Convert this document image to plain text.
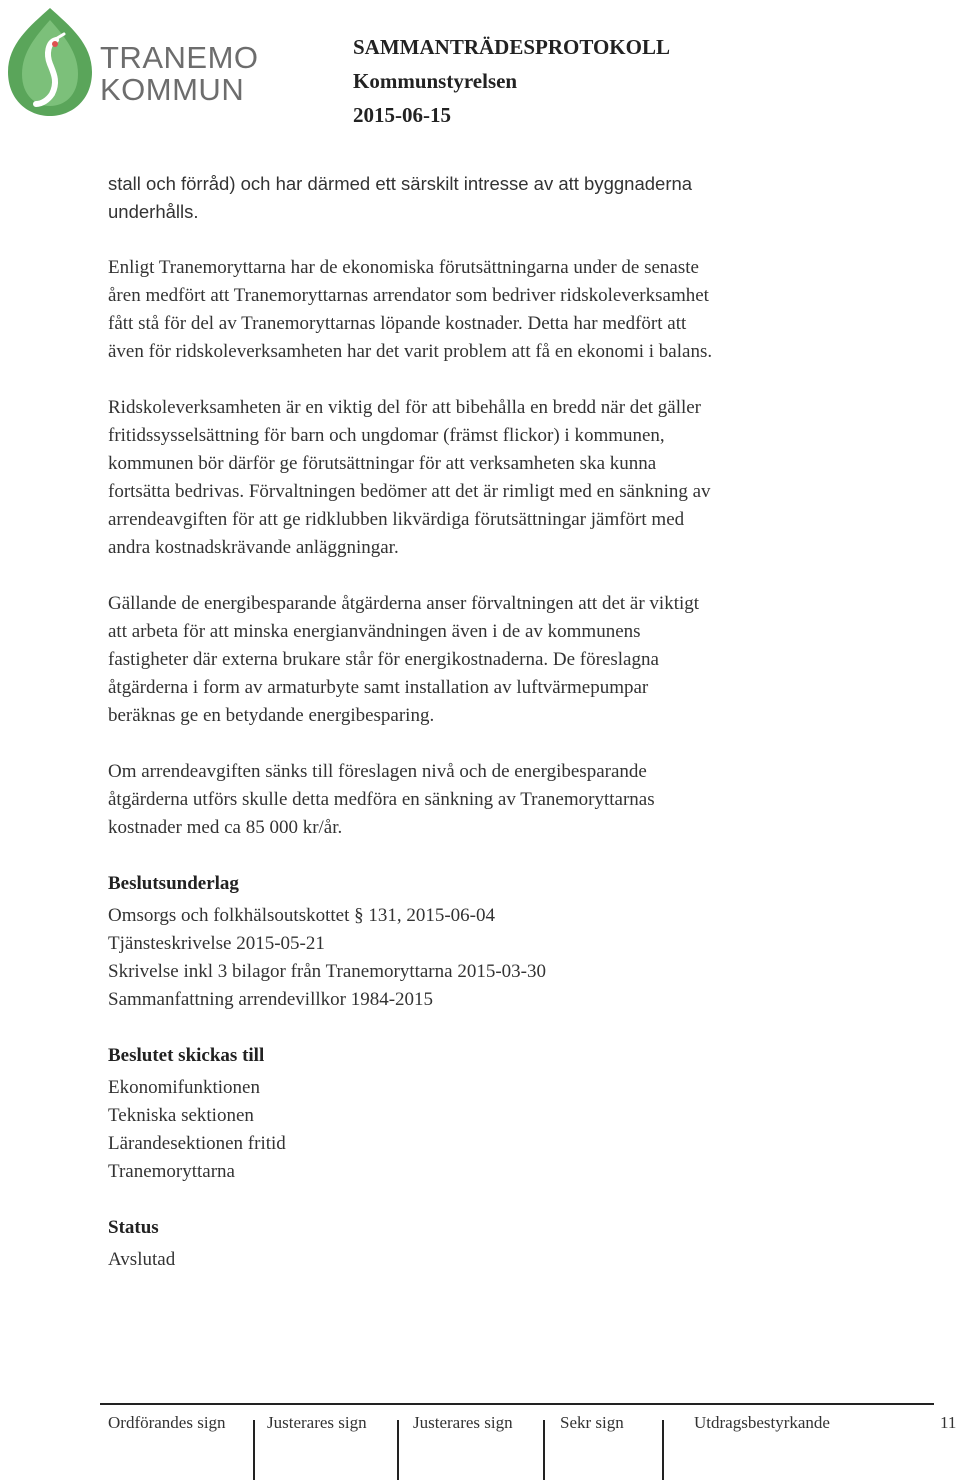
TRANEMO
KOMMUN
SAMMANTRÄDESPROTOKOLL
Kommunstyrelsen
2015-06-15

stall och förråd) och har därmed ett särskilt intresse av att byggnaderna
underhålls.

Enligt Tranemoryttarna har de ekonomiska förutsättningarna under de senaste
åren medfört att Tranemoryttarnas arrendator som bedriver ridskoleverksamhet
fått stå för del av Tranemoryttarnas löpande kostnader. Detta har medfört att
även för ridskoleverksamheten har det varit problem att få en ekonomi i balans.

Ridskoleverksamheten är en viktig del för att bibehålla en bredd när det gäller
fritidssysselsättning för barn och ungdomar (främst flickor) i kommunen,
kommunen bör därför ge förutsättningar för att verksamheten ska kunna
fortsätta bedrivas. Förvaltningen bedömer att det är rimligt med en sänkning av
arrendeavgiften för att ge ridklubben likvärdiga förutsättningar jämfört med
andra kostnadskrävande anläggningar.

Gällande de energibesparande åtgärderna anser förvaltningen att det är viktigt
att arbeta för att minska energianvändningen även i de av kommunens
fastigheter där externa brukare står för energikostnaderna. De föreslagna
åtgärderna i form av armaturbyte samt installation av luftvärmepumpar
beräknas ge en betydande energibesparing.

Om arrendeavgiften sänks till föreslagen nivå och de energibesparande
åtgärderna utförs skulle detta medföra en sänkning av Tranemoryttarnas
kostnader med ca 85 000 kr/år.

Beslutsunderlag
Omsorgs och folkhälsoutskottet § 131, 2015-06-04
Tjänsteskrivelse 2015-05-21
Skrivelse inkl 3 bilagor från Tranemoryttarna 2015-03-30
Sammanfattning arrendevillkor 1984-2015
Beslutet skickas till
Ekonomifunktionen
Tekniska sektionen
Lärandesektionen fritid
Tranemoryttarna
Status
Avslutad
Ordförandes sign Justerares sign	Justerares sign	Sekr sign	Utdragsbestyrkande	11
